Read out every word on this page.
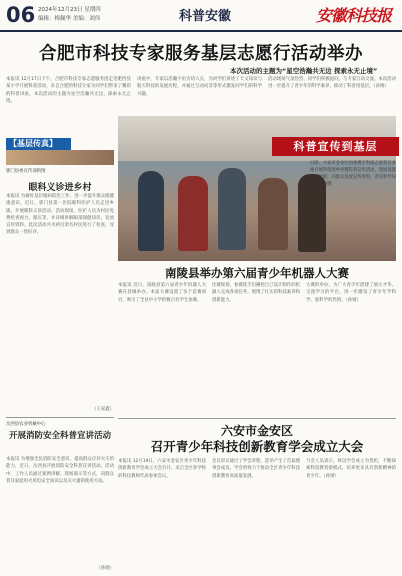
06 2024年12月23日 星期四
编辑：梅佩华 美编：刘伟	科普安徽	安徽科技报
合肥市科技专家服务基层志愿行活动举办
本次活动的主题为“星空浩瀚共无边 探索永无止境”
本报讯 12月17日下午，合肥市科技专家志愿服务团走进肥西县某小学开展科普活动，来自合肥的科技专家为同学们带来了精彩的科普讲座，本次活动的主题为星空浩瀚共无边，探索永无止境。
讲座中，专家以浩瀚宇宙为切入点，为同学们讲述了天文知识与航天科技的发展历程，并通过互动问答等形式激发同学们的科学兴趣。
活动现场气氛热烈，同学们积极提问，与专家互动交流。本次活动进一步提升了青少年的科学素养，推动了科普进基层。（孙婧）
【基层传真】
郭门县委宣传部供图
眼科义诊进乡村
本报讯 为做好基层眼病防治工作，进一步提升群众眼健康意识，近日，郭门县第一医院眼科医护人员走进乡镇，开展眼科义诊活动。活动现场，医护人员为村民免费检查视力、眼压等，并详细讲解眼部保健知识，发放宣传资料。此次活动共为两百余名村民进行了检查，受到群众一致好评。
（王家鑫）
岳西县农业机械中心
开展消防安全科普宣讲活动
本报讯 为增强全民消防安全意识，提高群众应对火灾的能力，近日，岳西县开展消防安全科普宣讲活动。活动中，工作人员通过案例讲解、现场演示等方式，向群众普及家庭用火用电安全知识以及灭火器的使用方法。
（孙晓）
科普宣传到基层
日前，六安市金安区团委携手科技志愿者在多地开展科技进乡村暨科普宣传活动，现场设置科普展板，向群众发放宣传资料，普及科学知识。王明摄
南陵县举办第六届青少年机器人大赛
本报讯 近日，南陵县第六届青少年机器人大赛在县城举办。本届大赛设置了多个竞赛项目，吸引了全县中小学的数百名学生参赛。
比赛现场，参赛选手们操控自己设计制作的机器人完成各项任务，展现了扎实的科技素养和创新能力。
大赛的举办，为广大青少年搭建了展示才华、交流学习的平台，进一步激发了青少年学科学、爱科学的热情。（孙婧）
六安市金安区
召开青少年科技创新教育学会成立大会
本报讯 12月19日，六安市金安区青少年科技创新教育学会成立大会召开，来自全区各学校的科技教师代表参加会议。
会议审议通过了学会章程，选举产生了首届理事会成员。学会将致力于推动全区青少年科技创新教育高质量发展。
与会人员表示，将以学会成立为契机，不断探索科技教育新模式，培养更多具有创新精神的青少年。（孙婧）
